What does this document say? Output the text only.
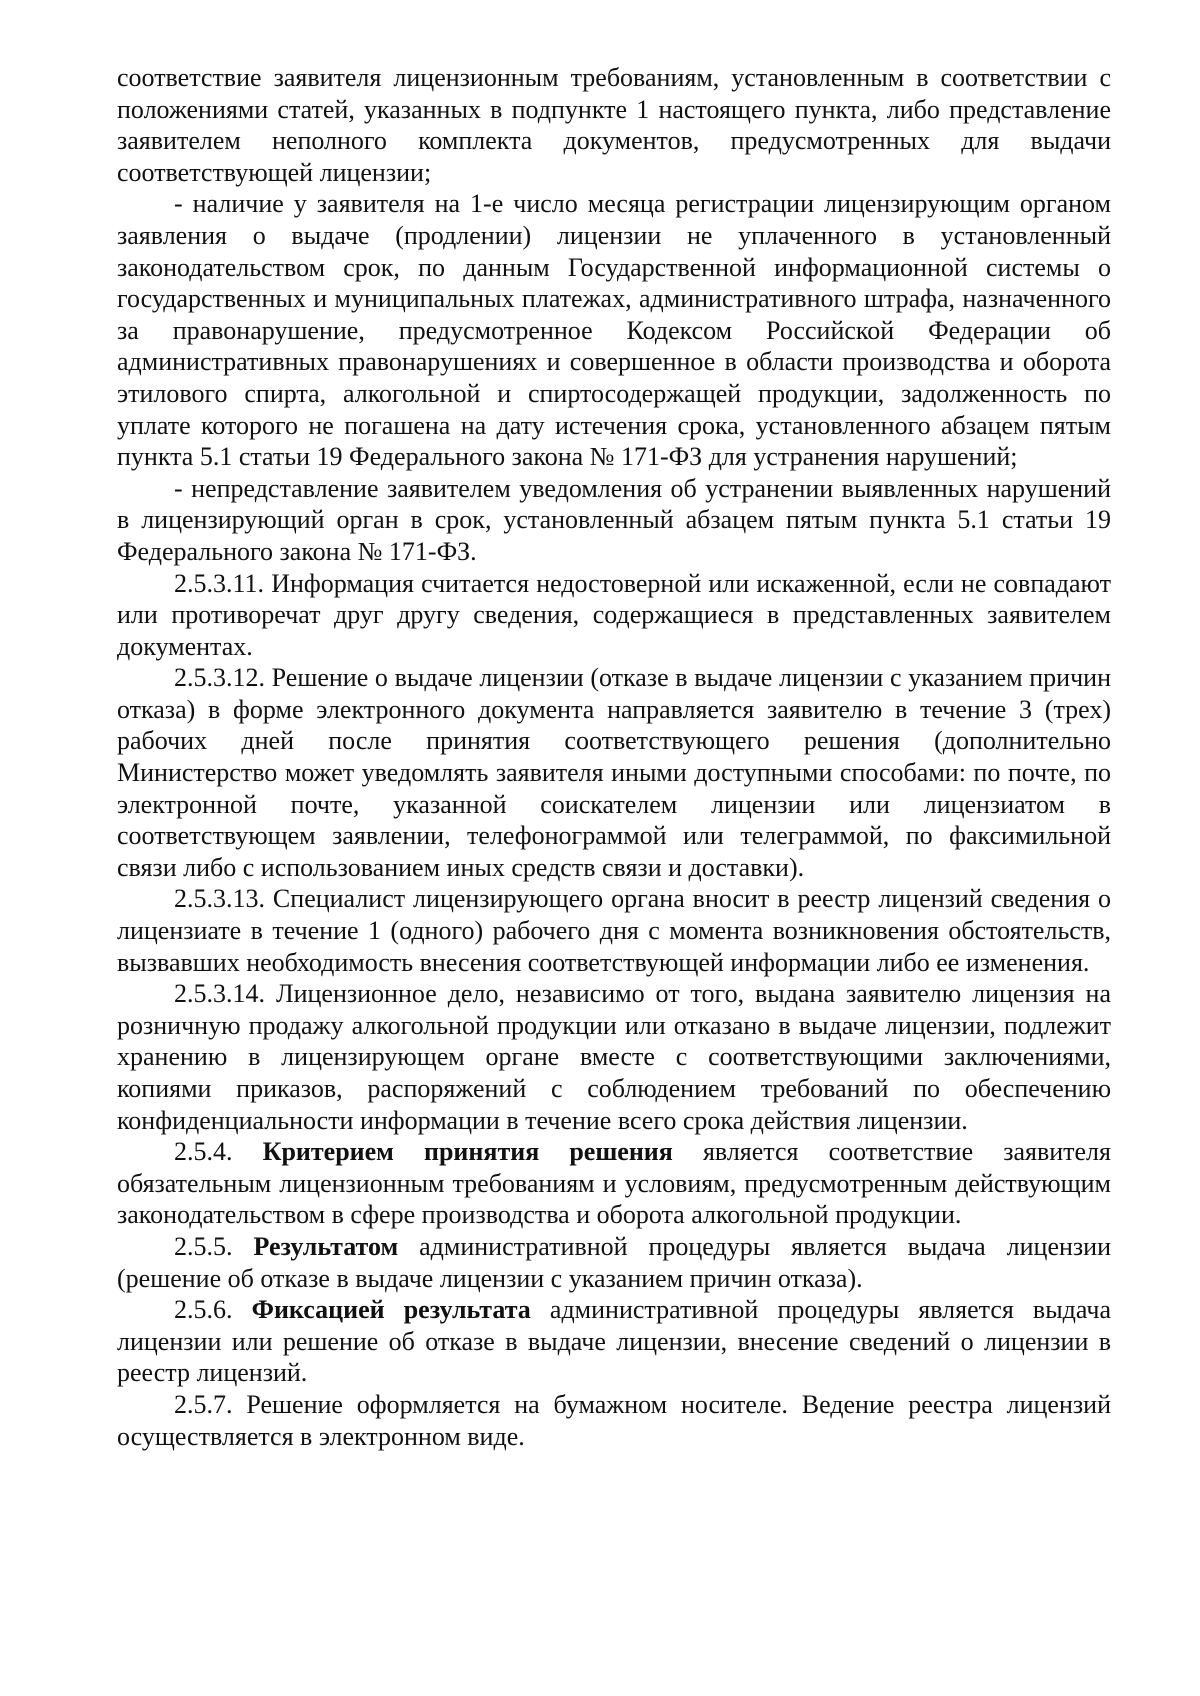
соответствие заявителя лицензионным требованиям, установленным в соответствии с положениями статей, указанных в подпункте 1 настоящего пункта, либо представление заявителем неполного комплекта документов, предусмотренных для выдачи соответствующей лицензии;

- наличие у заявителя на 1-е число месяца регистрации лицензирующим органом заявления о выдаче (продлении) лицензии не уплаченного в установленный законодательством срок, по данным Государственной информационной системы о государственных и муниципальных платежах, административного штрафа, назначенного за правонарушение, предусмотренное Кодексом Российской Федерации об административных правонарушениях и совершенное в области производства и оборота этилового спирта, алкогольной и спиртосодержащей продукции, задолженность по уплате которого не погашена на дату истечения срока, установленного абзацем пятым пункта 5.1 статьи 19 Федерального закона № 171-ФЗ для устранения нарушений;

- непредставление заявителем уведомления об устранении выявленных нарушений в лицензирующий орган в срок, установленный абзацем пятым пункта 5.1 статьи 19 Федерального закона № 171-ФЗ.

2.5.3.11. Информация считается недостоверной или искаженной, если не совпадают или противоречат друг другу сведения, содержащиеся в представленных заявителем документах.

2.5.3.12. Решение о выдаче лицензии (отказе в выдаче лицензии с указанием причин отказа) в форме электронного документа направляется заявителю в течение 3 (трех) рабочих дней после принятия соответствующего решения (дополнительно Министерство может уведомлять заявителя иными доступными способами: по почте, по электронной почте, указанной соискателем лицензии или лицензиатом в соответствующем заявлении, телефонограммой или телеграммой, по факсимильной связи либо с использованием иных средств связи и доставки).

2.5.3.13. Специалист лицензирующего органа вносит в реестр лицензий сведения о лицензиате в течение 1 (одного) рабочего дня с момента возникновения обстоятельств, вызвавших необходимость внесения соответствующей информации либо ее изменения.

2.5.3.14. Лицензионное дело, независимо от того, выдана заявителю лицензия на розничную продажу алкогольной продукции или отказано в выдаче лицензии, подлежит хранению в лицензирующем органе вместе с соответствующими заключениями, копиями приказов, распоряжений с соблюдением требований по обеспечению конфиденциальности информации в течение всего срока действия лицензии.

2.5.4. Критерием принятия решения является соответствие заявителя обязательным лицензионным требованиям и условиям, предусмотренным действующим законодательством в сфере производства и оборота алкогольной продукции.

2.5.5. Результатом административной процедуры является выдача лицензии (решение об отказе в выдаче лицензии с указанием причин отказа).

2.5.6. Фиксацией результата административной процедуры является выдача лицензии или решение об отказе в выдаче лицензии, внесение сведений о лицензии в реестр лицензий.

2.5.7. Решение оформляется на бумажном носителе. Ведение реестра лицензий осуществляется в электронном виде.
